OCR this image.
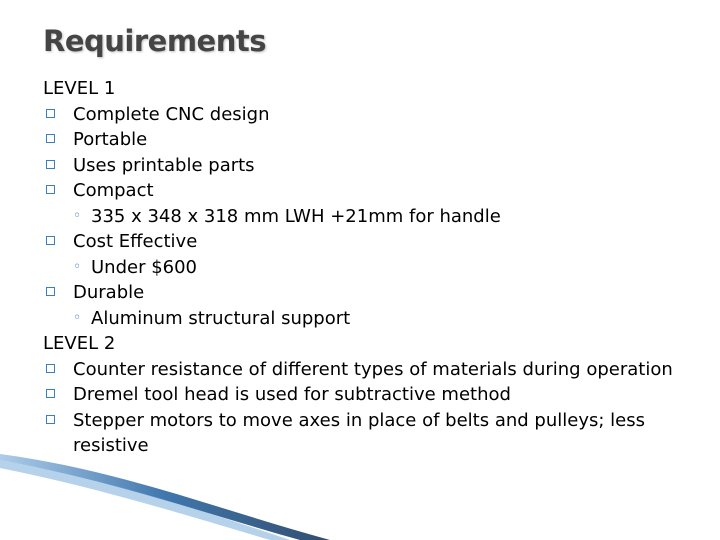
Requirements
LEVEL 1
Complete CNC design
Portable
Uses printable parts
Compact
◦ 335 x 348 x 318 mm LWH +21mm for handle
Cost Effective
◦ Under $600
Durable
◦ Aluminum structural support
LEVEL 2
Counter resistance of different types of materials during operation
Dremel tool head is used for subtractive method
Stepper motors to move axes in place of belts and pulleys; less resistive
